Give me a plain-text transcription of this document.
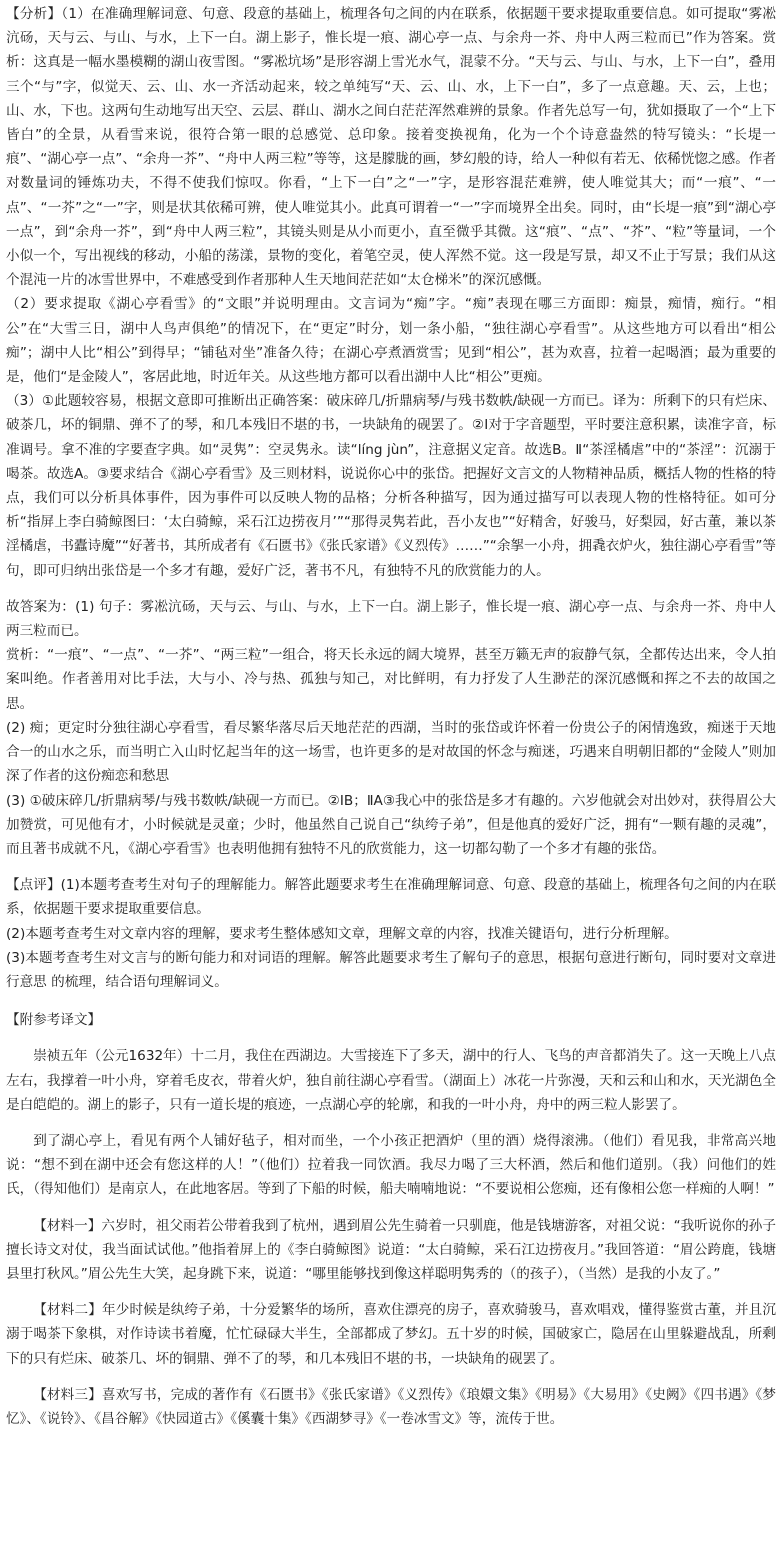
【分析】（1）在准确理解词意、句意、段意的基础上，梳理各句之间的内在联系，依据题干要求提取重要信息。如可提取“雾凇沆砀，天与云、与山、与水，上下一白。湖上影子，惟长堤一痕、湖心亭一点、与余舟一芥、舟中人两三粒而已”作为答案。赏析：这真是一幅水墨模糊的湖山夜雪图。“雾凇坑场”是形容湖上雪光水气，混蒙不分。“天与云、与山、与水，上下一白”，叠用三个“与”字，似觉天、云、山、水一齐活动起来，较之单纯写“天、云、山、水，上下一白”，多了一点意趣。天、云，上也；山、水，下也。这两句生动地写出天空、云层、群山、湖水之间白茫茫浑然难辨的景象。作者先总写一句，犹如摄取了一个“上下皆白”的全景，从看雪来说，很符合第一眼的总感觉、总印象。接着变换视角，化为一个个诗意盎然的特写镜头：“长堤一痕”、“湖心亭一点”、“余舟一芥”、“舟中人两三粒”等等，这是朦胧的画，梦幻般的诗，给人一种似有若无、依稀恍惚之感。作者对数量词的锤炼功夫，不得不使我们惊叹。你看，“上下一白”之“一”字，是形容混茫难辨，使人唯觉其大；而“一痕”、“一点”、“一芥”之“一”字，则是状其依稀可辨，使人唯觉其小。此真可谓着一“一”字而境界全出矣。同时，由“长堤一痕”到“湖心亭一点”，到“余舟一芥”，到“舟中人两三粒”，其镜头则是从小而更小，直至微乎其微。这“痕”、“点”、“芥”、“粒”等量词，一个小似一个，写出视线的移动，小船的荡漾，景物的变化，着笔空灵，使人浑然不觉。这一段是写景，却又不止于写景；我们从这个混沌一片的冰雪世界中，不难感受到作者那种人生天地间茫茫如“太仓梯米”的深沉感慨。

（2）要求提取《湖心亭看雪》的“文眼”并说明理由。文言词为“痴”字。“痴”表现在哪三方面即：痴景，痴情，痴行。“相公”在“大雪三日，湖中人鸟声俱绝”的情况下，在“更定”时分，划一条小船，“独往湖心亭看雪”。从这些地方可以看出“相公痴”；湖中人比“相公”到得早；“铺毡对坐”准备久待；在湖心亭煮酒赏雪；见到“相公”，甚为欢喜，拉着一起喝酒；最为重要的是，他们“是金陵人”，客居此地，时近年关。从这些地方都可以看出湖中人比“相公”更痴。

（3）①此题较容易，根据文意即可推断出正确答案：破床碎几/折鼎病琴/与残书数帙/缺砚一方而已。译为：所剩下的只有烂床、破茶几，坏的铜鼎、弹不了的琴，和几本残旧不堪的书，一块缺角的砚罢了。②Ⅰ对于字音题型，平时要注意积累，读准字音，标准调号。拿不准的字要查字典。如“灵隽”：空灵隽永。读“líng jùn”，注意据义定音。故选B。Ⅱ“茶淫橘虐”中的“茶淫”：沉溺于喝茶。故选A。③要求结合《湖心亭看雪》及三则材料，说说你心中的张岱。把握好文言文的人物精神品质，概括人物的性格的特点，我们可以分析具体事件，因为事件可以反映人物的品格；分析各种描写，因为通过描写可以表现人物的性格特征。如可分析“指屏上李白骑鲸图曰：‘太白骑鲸，采石江边捞夜月’”“那得灵隽若此，吾小友也”“好精舍，好骏马，好梨园，好古董，兼以茶淫橘虐，书蠹诗魔”“好著书，其所成者有《石匮书》《张氏家谱》《义烈传》……”“余挐一小舟，拥毳衣炉火，独往湖心亭看雪”等句，即可归纳出张岱是一个多才有趣，爱好广泛，著书不凡，有独特不凡的欣赏能力的人。

故答案为：(1) 句子：雾凇沆砀，天与云、与山、与水，上下一白。湖上影子，惟长堤一痕、湖心亭一点、与余舟一芥、舟中人两三粒而已。

赏析：“一痕”、“一点”、“一芥”、“两三粒”一组合，将天长永远的阔大境界，甚至万籁无声的寂静气氛，全都传达出来，令人拍案叫绝。作者善用对比手法，大与小、冷与热、孤独与知己，对比鲜明，有力抒发了人生渺茫的深沉感慨和挥之不去的故国之思。

(2) 痴；更定时分独往湖心亭看雪，看尽繁华落尽后天地茫茫的西湖，当时的张岱或许怀着一份贵公子的闲情逸致，痴迷于天地合一的山水之乐，而当明亡入山时忆起当年的这一场雪，也许更多的是对故国的怀念与痴迷，巧遇来自明朝旧都的“金陵人”则加深了作者的这份痴恋和愁思

(3) ①破床碎几/折鼎病琴/与残书数帙/缺砚一方而已。②ⅠB；ⅡA③我心中的张岱是多才有趣的。六岁他就会对出妙对，获得眉公大加赞赏，可见他有才，小时候就是灵童；少时，他虽然自己说自己“纨绔子弟”，但是他真的爱好广泛，拥有“一颗有趣的灵魂”，而且著书成就不凡，《湖心亭看雪》也表明他拥有独特不凡的欣赏能力，这一切都勾勒了一个多才有趣的张岱。

【点评】(1)本题考查考生对句子的理解能力。解答此题要求考生在准确理解词意、句意、段意的基础上，梳理各句之间的内在联系，依据题干要求提取重要信息。

(2)本题考查考生对文章内容的理解，要求考生整体感知文章，理解文章的内容，找准关键语句，进行分析理解。

(3)本题考查考生对文言与的断句能力和对词语的理解。解答此题要求考生了解句子的意思，根据句意进行断句，同时要对文章进行意思 的梳理，结合语句理解词义。

【附参考译文】

崇祯五年（公元1632年）十二月，我住在西湖边。大雪接连下了多天，湖中的行人、飞鸟的声音都消失了。这一天晚上八点左右，我撑着一叶小舟，穿着毛皮衣，带着火炉，独自前往湖心亭看雪。（湖面上）冰花一片弥漫，天和云和山和水，天光湖色全是白皑皑的。湖上的影子，只有一道长堤的痕迹，一点湖心亭的轮廓，和我的一叶小舟，舟中的两三粒人影罢了。

到了湖心亭上，看见有两个人铺好毡子，相对而坐，一个小孩正把酒炉（里的酒）烧得滚沸。（他们）看见我，非常高兴地说：“想不到在湖中还会有您这样的人！”（他们）拉着我一同饮酒。我尽力喝了三大杯酒，然后和他们道别。（我）问他们的姓氏，（得知他们）是南京人，在此地客居。等到了下船的时候，船夫喃喃地说：“不要说相公您痴，还有像相公您一样痴的人啊！”

【材料一】六岁时，祖父雨若公带着我到了杭州，遇到眉公先生骑着一只驯鹿，他是钱塘游客，对祖父说：“我听说你的孙子擅长诗文对仗，我当面试试他。”他指着屏上的《李白骑鲸图》说道：“太白骑鲸，采石江边捞夜月。”我回答道：“眉公跨鹿，钱塘县里打秋风。”眉公先生大笑，起身跳下来，说道：“哪里能够找到像这样聪明隽秀的（的孩子），（当然）是我的小友了。”

【材料二】年少时候是纨绔子弟，十分爱繁华的场所，喜欢住漂亮的房子，喜欢骑骏马，喜欢唱戏，懂得鉴赏古董，并且沉溺于喝茶下象棋，对作诗读书着魔，忙忙碌碌大半生，全部都成了梦幻。五十岁的时候，国破家亡，隐居在山里躲避战乱，所剩下的只有烂床、破茶几、坏的铜鼎、弹不了的琴，和几本残旧不堪的书，一块缺角的砚罢了。

【材料三】喜欢写书，完成的著作有《石匮书》《张氏家谱》《义烈传》《琅嬛文集》《明易》《大易用》《史阙》《四书遇》《梦忆》、《说铃》、《昌谷解》《快园道古》《傒囊十集》《西湖梦寻》《一卷冰雪文》等，流传于世。
